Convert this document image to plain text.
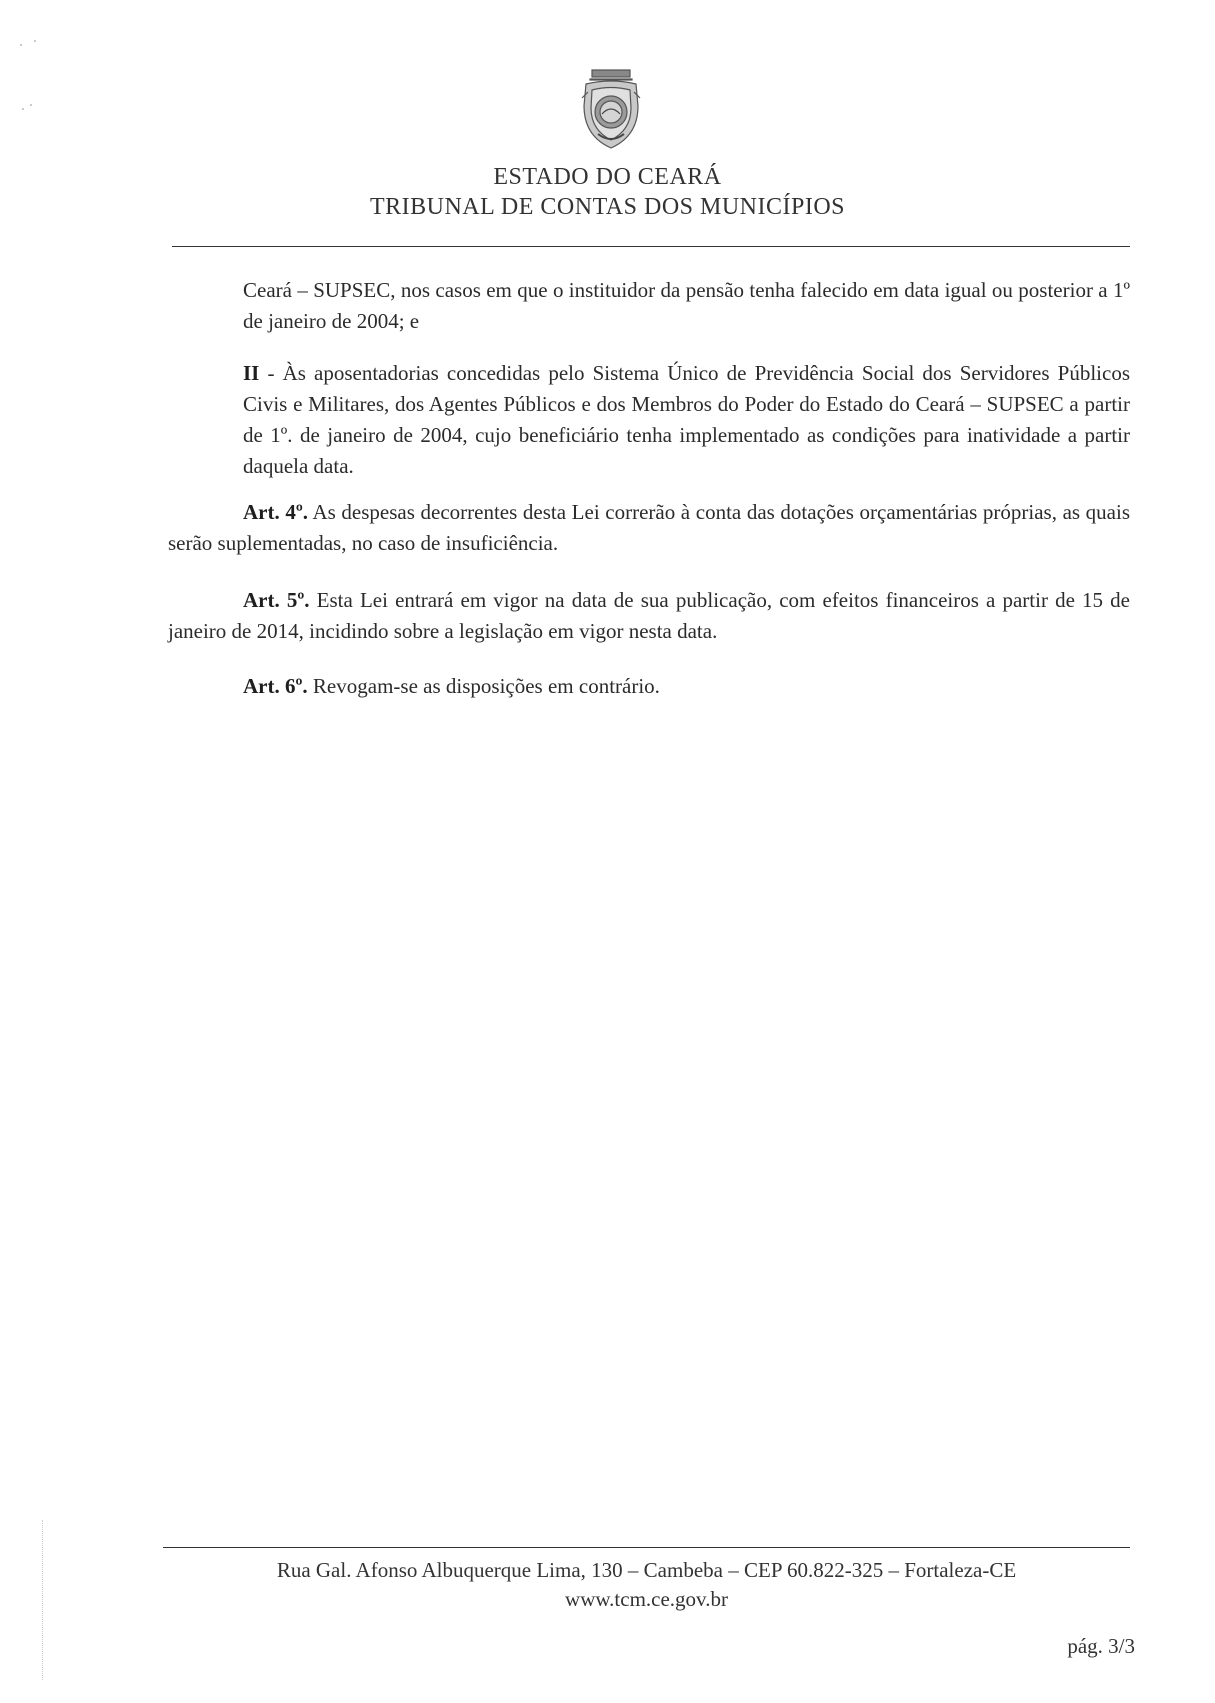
ESTADO DO CEARÁ
TRIBUNAL DE CONTAS DOS MUNICÍPIOS

Ceará – SUPSEC, nos casos em que o instituidor da pensão tenha falecido em data igual ou posterior a 1º de janeiro de 2004; e

II - Às aposentadorias concedidas pelo Sistema Único de Previdência Social dos Servidores Públicos Civis e Militares, dos Agentes Públicos e dos Membros do Poder do Estado do Ceará – SUPSEC a partir de 1º. de janeiro de 2004, cujo beneficiário tenha implementado as condições para inatividade a partir daquela data.

Art. 4º. As despesas decorrentes desta Lei correrão à conta das dotações orçamentárias próprias, as quais serão suplementadas, no caso de insuficiência.

Art. 5º. Esta Lei entrará em vigor na data de sua publicação, com efeitos financeiros a partir de 15 de janeiro de 2014, incidindo sobre a legislação em vigor nesta data.

Art. 6º. Revogam-se as disposições em contrário.

Rua Gal. Afonso Albuquerque Lima, 130 – Cambeba – CEP 60.822-325 – Fortaleza-CE
www.tcm.ce.gov.br
pág. 3/3
